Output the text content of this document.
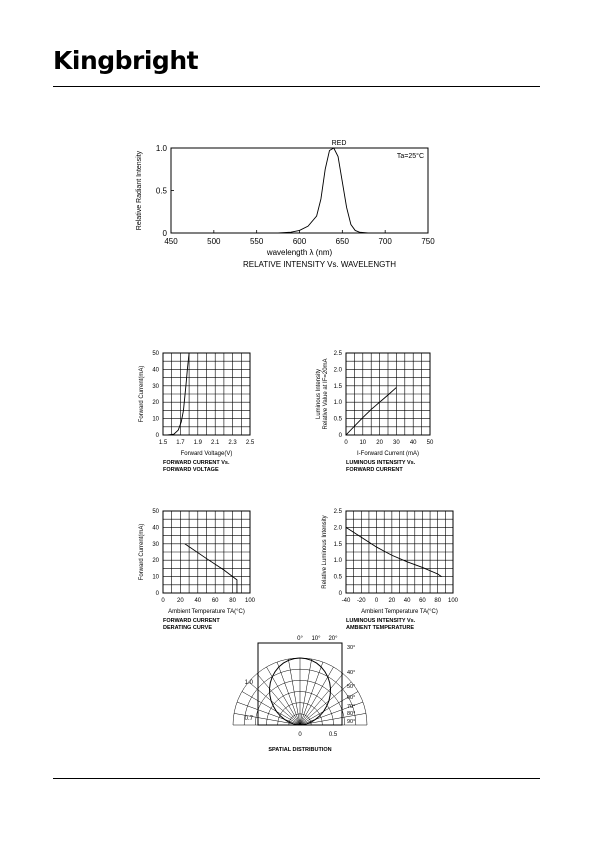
Kingbright
450	500	550	600	650	700	750
0
0.5
1.0
wavelength λ (nm)
Relative Radiant Intensity
RELATIVE INTENSITY Vs. WAVELENGTH
RED
Ta=25°C
1.5 1.7 1.9 2.1 2.3 2.5
0
10
20
30
40
50
Forward Voltage(V)
Forward Current(mA)
FORWARD CURRENT Vs.
FORWARD VOLTAGE
0 10 20 30 40 50
0
0.5
1.0
1.5
2.0
2.5
I-Forward Current (mA)
Luminous Intensity Relative Value at IF=20mA
LUMINOUS INTENSITY Vs.
FORWARD CURRENT
0 20 40 60 80 100
0
10
20
30
40
50
Ambient Temperature TA(°C)
Forward Current(mA)
FORWARD CURRENT
DERATING CURVE
-40 -20 0 20 40 60 80 100
0
0.5
1.0
1.5
2.0
2.5
Ambient Temperature TA(°C)
Relative Luminous Intensity
LUMINOUS INTENSITY Vs.
AMBIENT TEMPERATURE
0° 10° 20°
30°
40°
50°
60°
70°
80°
90°
1.0
0.7
0	0.5
SPATIAL DISTRIBUTION
